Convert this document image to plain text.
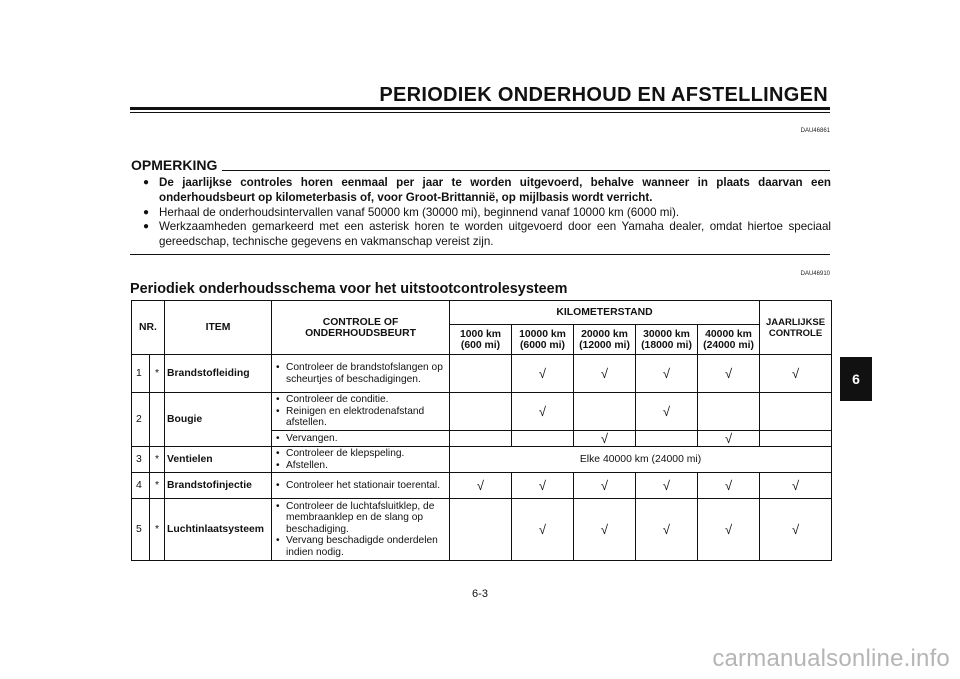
PERIODIEK ONDERHOUD EN AFSTELLINGEN
DAU46861
OPMERKING
● De jaarlijkse controles horen eenmaal per jaar te worden uitgevoerd, behalve wanneer in plaats daarvan een onderhoudsbeurt op kilometerbasis of, voor Groot-Brittannië, op mijlbasis wordt verricht.
● Herhaal de onderhoudsintervallen vanaf 50000 km (30000 mi), beginnend vanaf 10000 km (6000 mi).
● Werkzaamheden gemarkeerd met een asterisk horen te worden uitgevoerd door een Yamaha dealer, omdat hiertoe speciaal gereedschap, technische gegevens en vakmanschap vereist zijn.
DAU46910
Periodiek onderhoudsschema voor het uitstootcontrolesysteem
NR.		ITEM	CONTROLE OF ONDERHOUDSBEURT	KILOMETERSTAND					JAARLIJKSE CONTROLE
				1000 km (600 mi)	10000 km (6000 mi)	20000 km (12000 mi)	30000 km (18000 mi)	40000 km (24000 mi)	
1	*	Brandstofleiding	• Controleer de brandstofslangen op scheurtjes of beschadigingen.		√	√	√	√	√
2		Bougie	• Controleer de conditie.
• Reinigen en elektrodenafstand afstellen.		√		√		

			• Vervangen.			√		√	
3	*	Ventielen	• Controleer de klepspeling.
• Afstellen.	Elke 40000 km (24000 mi)					
4	*	Brandstofinjectie	• Controleer het stationair toerental.	√	√	√	√	√	√
5	*	Luchtinlaatsysteem	• Controleer de luchtafsluitklep, de membraanklep en de slang op beschadiging.
• Vervang beschadigde onderdelen indien nodig.		√	√	√	√	√
6
6-3
carmanualsonline.info
